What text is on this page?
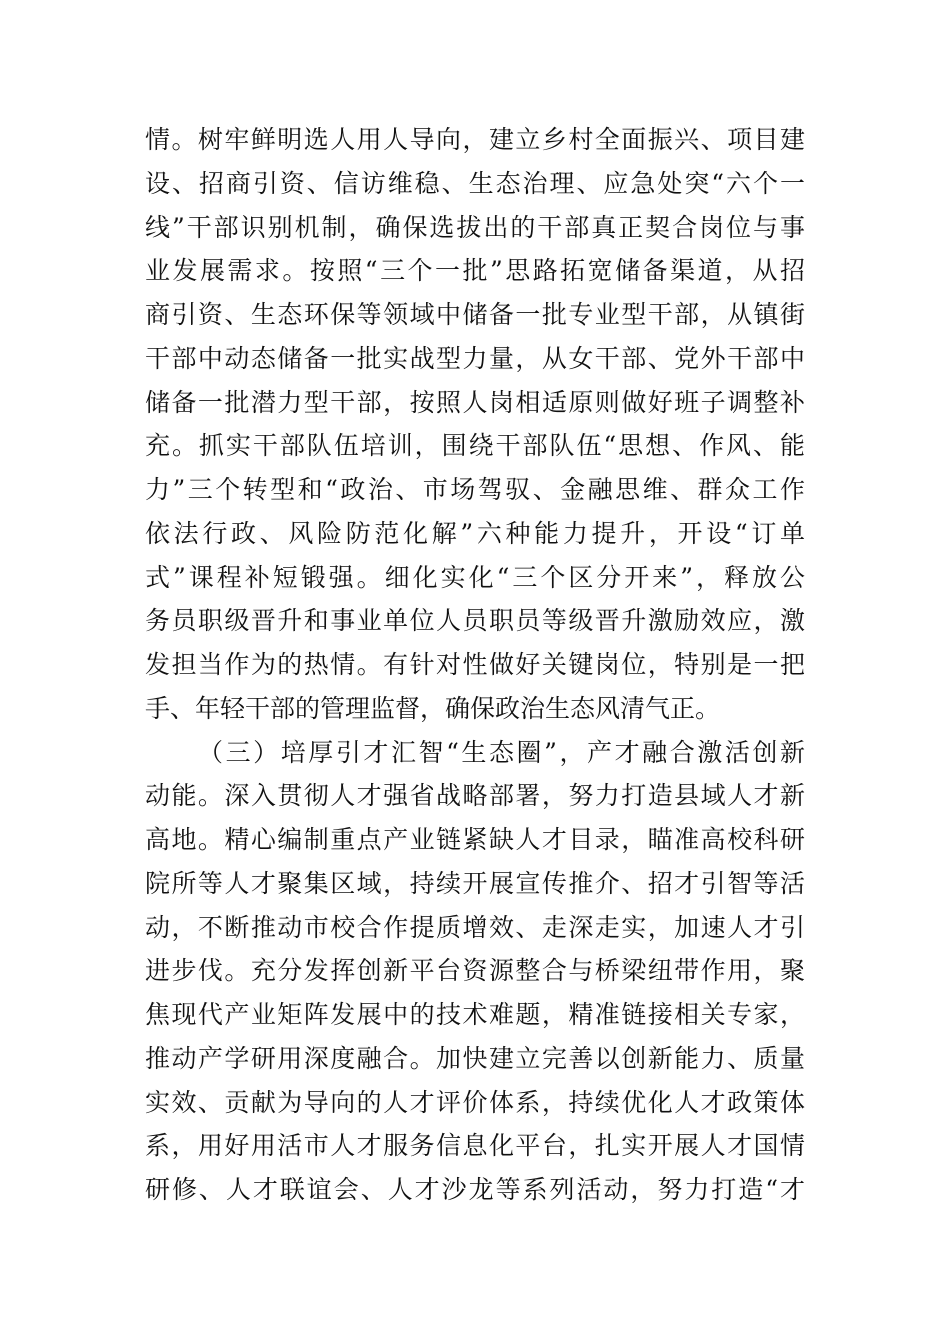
情。树牢鲜明选人用人导向，建立乡村全面振兴、项目建
设、招商引资、信访维稳、生态治理、应急处突“六个一
线”干部识别机制，确保选拔出的干部真正契合岗位与事
业发展需求。按照“三个一批”思路拓宽储备渠道，从招
商引资、生态环保等领域中储备一批专业型干部，从镇街
干部中动态储备一批实战型力量，从女干部、党外干部中
储备一批潜力型干部，按照人岗相适原则做好班子调整补
充。抓实干部队伍培训，围绕干部队伍“思想、作风、能
力”三个转型和“政治、市场驾驭、金融思维、群众工作
依法行政、风险防范化解”六种能力提升，开设“订单
式”课程补短锻强。细化实化“三个区分开来”，释放公
务员职级晋升和事业单位人员职员等级晋升激励效应，激
发担当作为的热情。有针对性做好关键岗位，特别是一把
手、年轻干部的管理监督，确保政治生态风清气正。
（三）培厚引才汇智“生态圈”，产才融合激活创新
动能。深入贯彻人才强省战略部署，努力打造县域人才新
高地。精心编制重点产业链紧缺人才目录，瞄准高校科研
院所等人才聚集区域，持续开展宣传推介、招才引智等活
动，不断推动市校合作提质增效、走深走实，加速人才引
进步伐。充分发挥创新平台资源整合与桥梁纽带作用，聚
焦现代产业矩阵发展中的技术难题，精准链接相关专家，
推动产学研用深度融合。加快建立完善以创新能力、质量
实效、贡献为导向的人才评价体系，持续优化人才政策体
系，用好用活市人才服务信息化平台，扎实开展人才国情
研修、人才联谊会、人才沙龙等系列活动，努力打造“才
